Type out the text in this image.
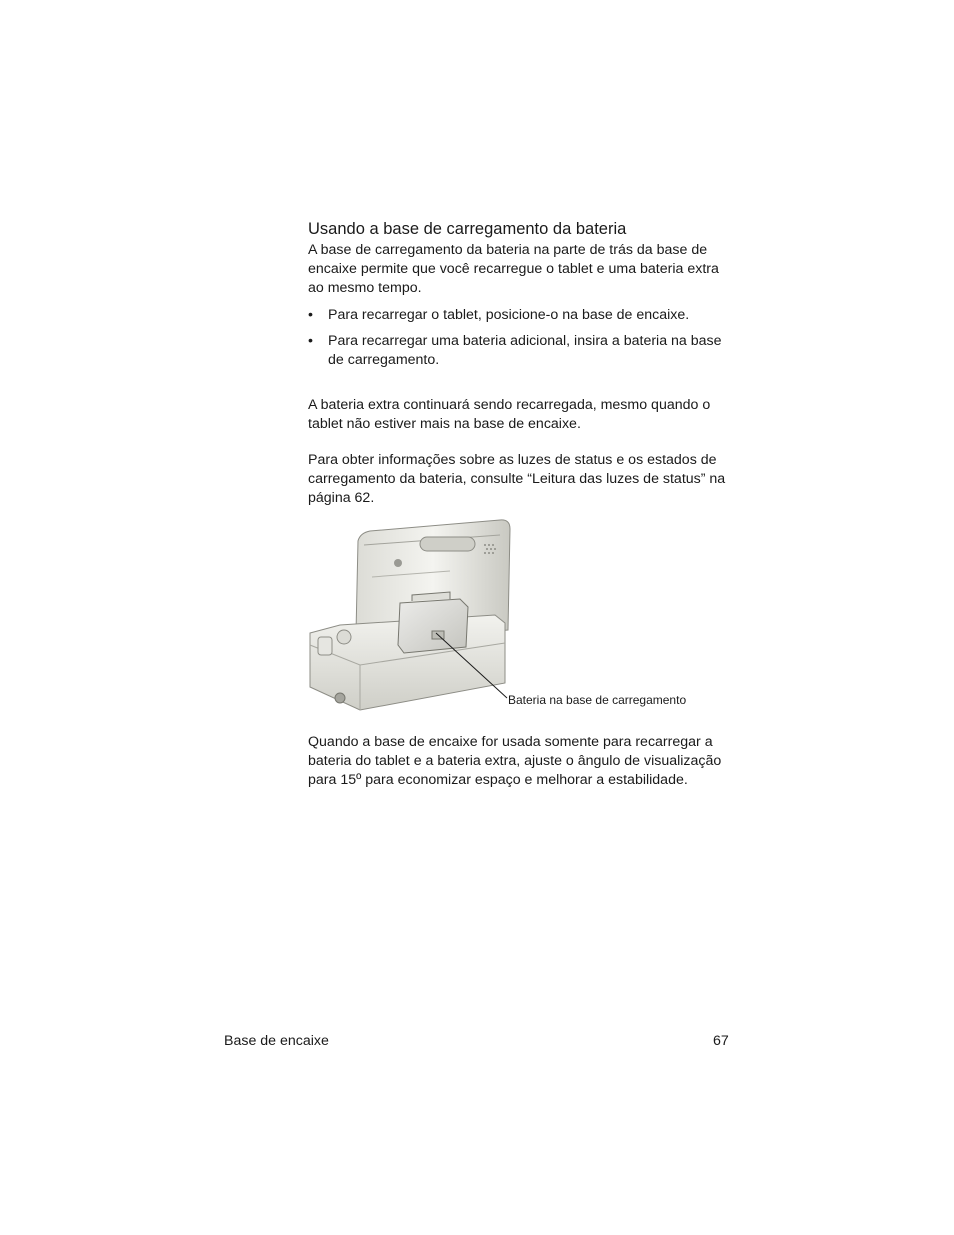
Usando a base de carregamento da bateria

A base de carregamento da bateria na parte de trás da base de encaixe permite que você recarregue o tablet e uma bateria extra ao mesmo tempo.

• Para recarregar o tablet, posicione-o na base de encaixe.
• Para recarregar uma bateria adicional, insira a bateria na base de carregamento.

A bateria extra continuará sendo recarregada, mesmo quando o tablet não estiver mais na base de encaixe.

Para obter informações sobre as luzes de status e os estados de carregamento da bateria, consulte “Leitura das luzes de status” na página 62.

Bateria na base de carregamento

Quando a base de encaixe for usada somente para recarregar a bateria do tablet e a bateria extra, ajuste o ângulo de visualização para 15º para economizar espaço e melhorar a estabilidade.

Base de encaixe	67
